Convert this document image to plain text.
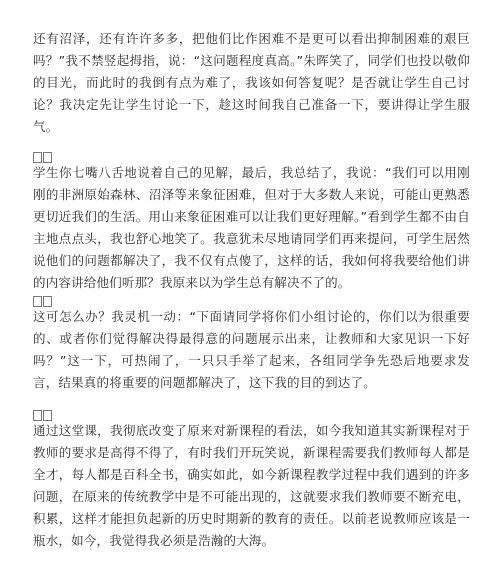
还有沼泽，还有许许多多，把他们比作困难不是更可以看出抑制困难的艰巨吗？”我不禁竖起拇指，说：“这问题程度真高。”朱晖笑了，同学们也投以敬仰的目光，而此时的我倒有点为难了，我该如何答复呢？是否就让学生自己讨论？我决定先让学生讨论一下，趁这时间我自己准备一下，要讲得让学生服气。
学生你七嘴八舌地说着自己的见解，最后，我总结了，我说：“我们可以用刚刚的非洲原始森林、沼泽等来象征困难，但对于大多数人来说，可能山更熟悉更切近我们的生活。用山来象征困难可以让我们更好理解。”看到学生都不由自主地点点头，我也舒心地笑了。我意犹未尽地请同学们再来提问，可学生居然说他们的问题都解决了，我不仅有点傻了，这样的话，我如何将我要给他们讲的内容讲给他们听那？我原来以为学生总有解决不了的。
这可怎么办？我灵机一动：“下面请同学将你们小组讨论的，你们以为很重要的、或者你们觉得解决得最得意的问题展示出来，让教师和大家见识一下好吗？”这一下，可热闹了，一只只手举了起来，各组同学争先恐后地要求发言，结果真的将重要的问题都解决了，这下我的目的到达了。
通过这堂课，我彻底改变了原来对新课程的看法，如今我知道其实新课程对于教师的要求是高得不得了，有时我们开玩笑说，新课程需要我们教师每人都是全才，每人都是百科全书，确实如此，如今新课程教学过程中我们遇到的许多问题，在原来的传统教学中是不可能出现的，这就要求我们教师要不断充电，积累，这样才能担负起新的历史时期新的教育的责任。以前老说教师应该是一瓶水，如今，我觉得我必须是浩瀚的大海。
